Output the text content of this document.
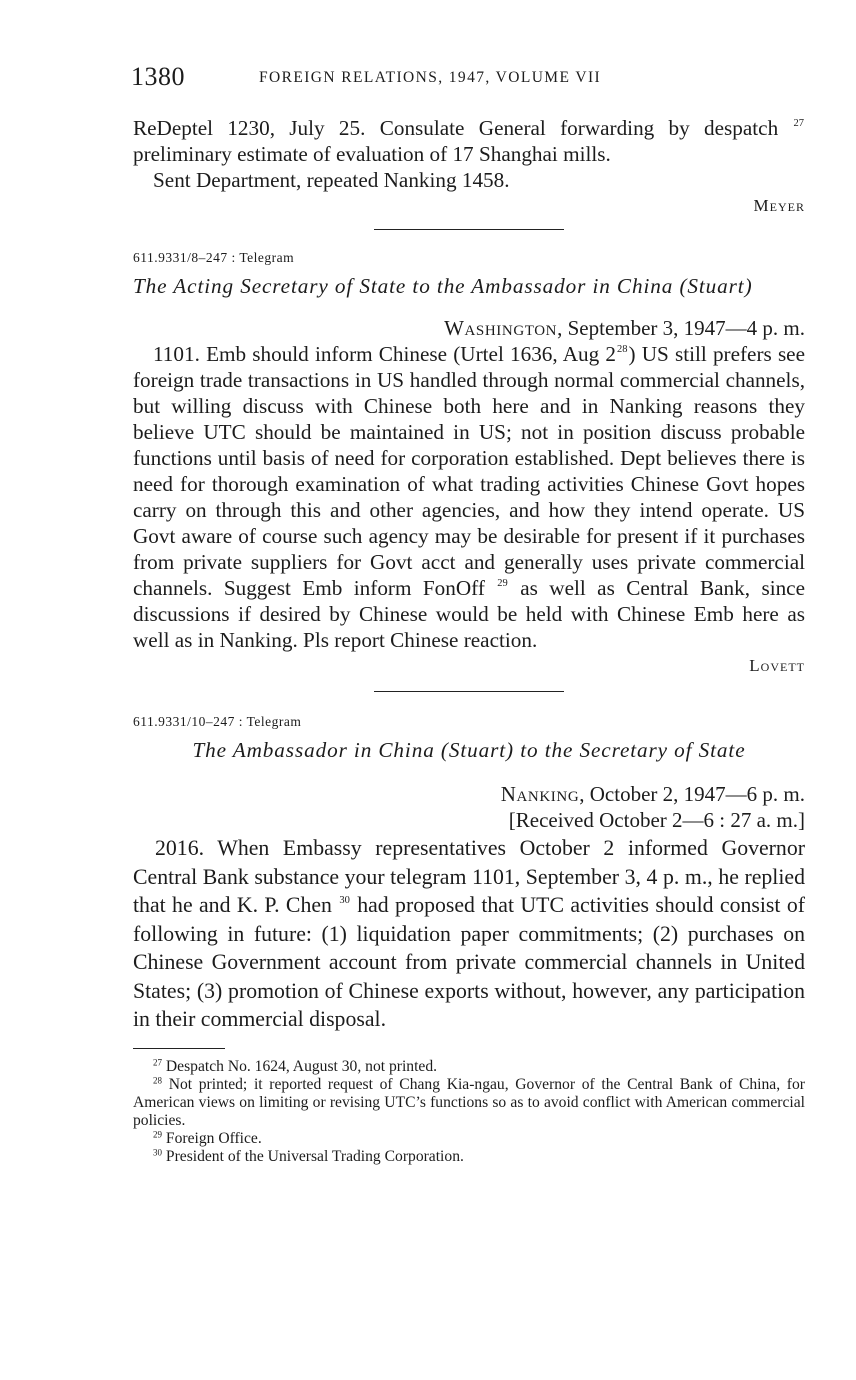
1380	FOREIGN RELATIONS, 1947, VOLUME VII

ReDeptel 1230, July 25. Consulate General forwarding by despatch $^{27}$ preliminary estimate of evaluation of 17 Shanghai mills.

Sent Department, repeated Nanking 1458.

Meyer

611.9331/8–247 : Telegram

The Acting Secretary of State to the Ambassador in China (Stuart)

Washington, September 3, 1947—4 p. m.

1101. Emb should inform Chinese (Urtel 1636, Aug 2$^{28}$) US still prefers see foreign trade transactions in US handled through normal commercial channels, but willing discuss with Chinese both here and in Nanking reasons they believe UTC should be maintained in US; not in position discuss probable functions until basis of need for corporation established. Dept believes there is need for thorough examination of what trading activities Chinese Govt hopes carry on through this and other agencies, and how they intend operate. US Govt aware of course such agency may be desirable for present if it purchases from private suppliers for Govt acct and generally uses private commercial channels. Suggest Emb inform FonOff $^{29}$ as well as Central Bank, since discussions if desired by Chinese would be held with Chinese Emb here as well as in Nanking. Pls report Chinese reaction.

Lovett

611.9331/10–247 : Telegram

The Ambassador in China (Stuart) to the Secretary of State

Nanking, October 2, 1947—6 p. m.

[Received October 2—6 : 27 a. m.]

2016. When Embassy representatives October 2 informed Governor Central Bank substance your telegram 1101, September 3, 4 p. m., he replied that he and K. P. Chen $^{30}$ had proposed that UTC activities should consist of following in future: (1) liquidation paper commitments; (2) purchases on Chinese Government account from private commercial channels in United States; (3) promotion of Chinese exports without, however, any participation in their commercial disposal.

$^{27}$ Despatch No. 1624, August 30, not printed.

$^{28}$ Not printed; it reported request of Chang Kia-ngau, Governor of the Central Bank of China, for American views on limiting or revising UTC’s functions so as to avoid conflict with American commercial policies.

$^{29}$ Foreign Office.

$^{30}$ President of the Universal Trading Corporation.
